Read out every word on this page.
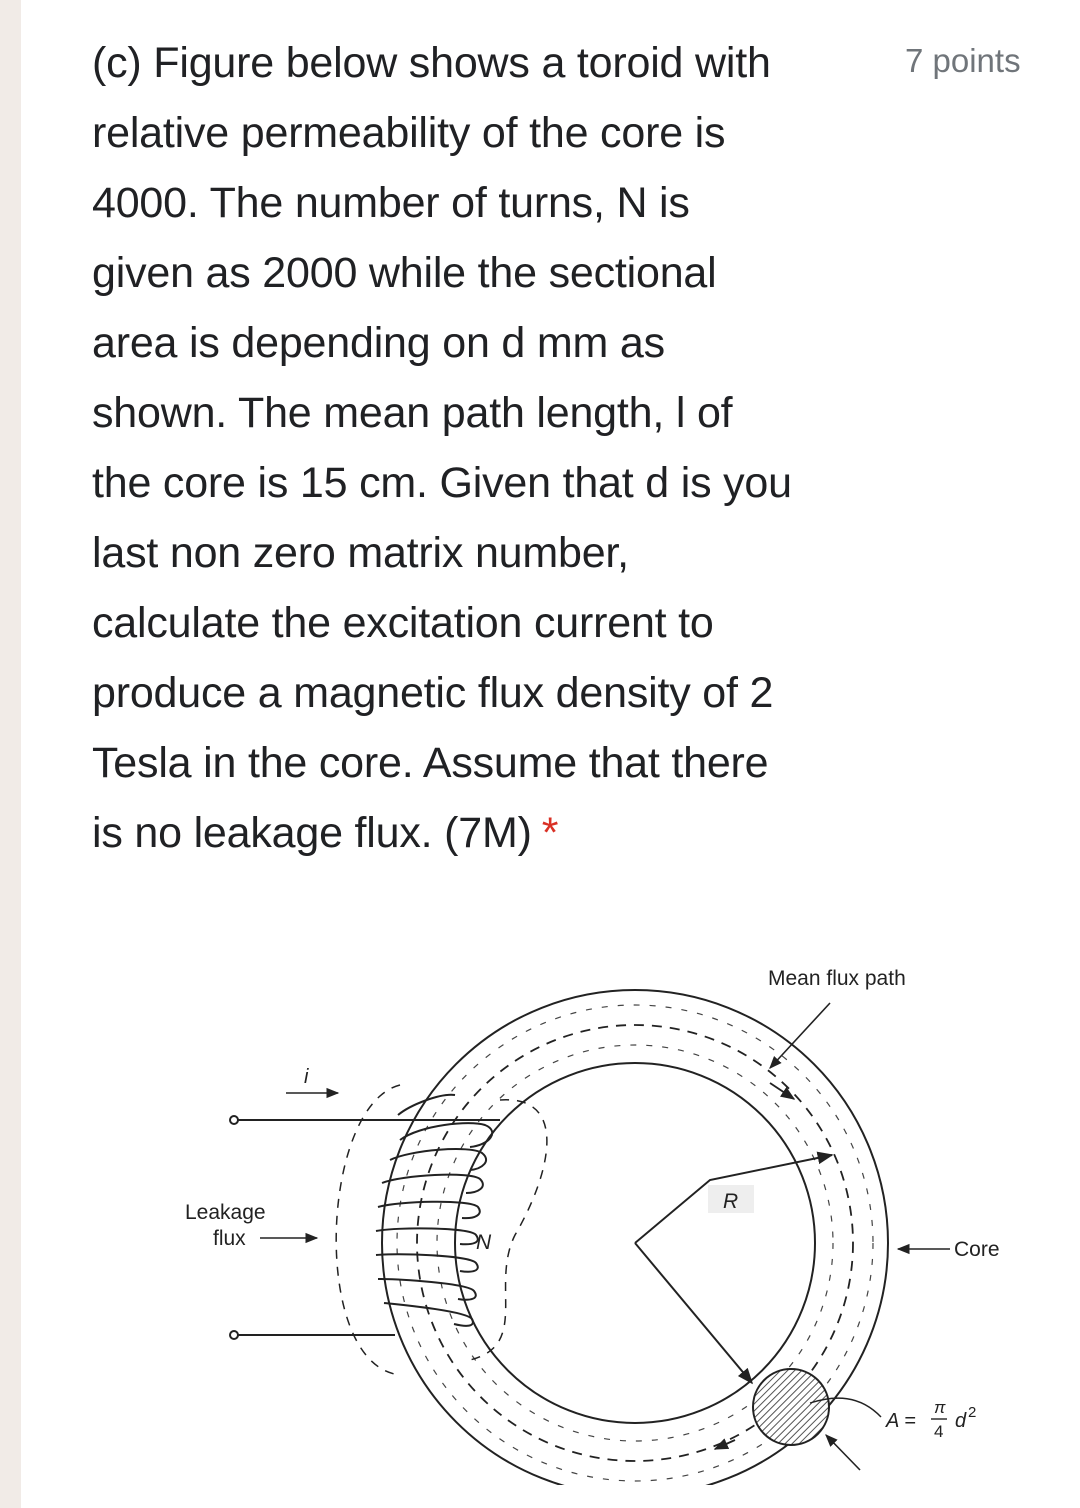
(c) Figure below shows a toroid with
relative permeability of the core is
4000. The number of turns, N is
given as 2000 while the sectional
area is depending on d mm as
shown. The mean path length, l of
the core is 15 cm. Given that d is you
last non zero matrix number,
calculate the excitation current to
produce a magnetic flux density of 2
Tesla in the core. Assume that there
is no leakage flux. (7M) *
7 points
i
Leakage
flux	N
R
Mean flux path
Core
A =
π
4 d 2
